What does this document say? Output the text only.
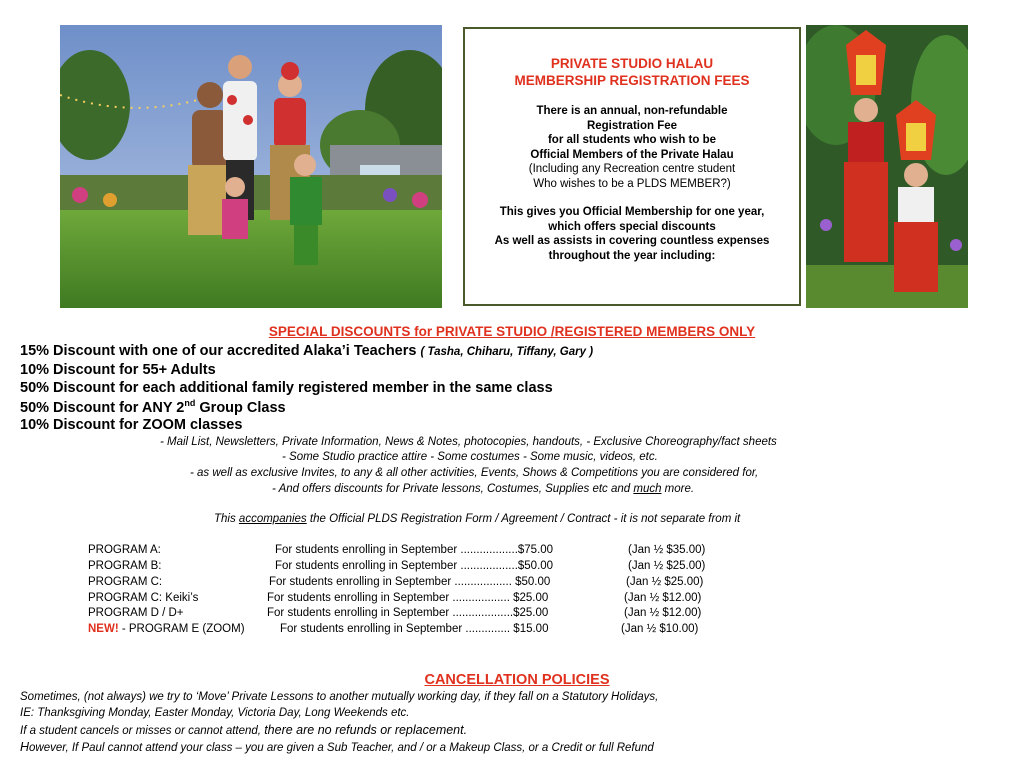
PRIVATE STUDIO HALAU
MEMBERSHIP REGISTRATION FEES
There is an annual, non-refundable
Registration Fee
for all students who wish to be
Official Members of the Private Halau
(Including any Recreation centre student
Who wishes to be a PLDS MEMBER?)
This gives you Official Membership for one year,
which offers special discounts
As well as assists in covering countless expenses
throughout the year including:
SPECIAL DISCOUNTS for PRIVATE STUDIO /REGISTERED MEMBERS ONLY
15% Discount with one of our accredited Alaka’i Teachers ( Tasha, Chiharu, Tiffany, Gary )
10% Discount for 55+ Adults
50% Discount for each additional family registered member in the same class
50% Discount for ANY 2nd Group Class
10% Discount for ZOOM classes
- Mail List, Newsletters, Private Information, News & Notes, photocopies, handouts, - Exclusive Choreography/fact sheets
- Some Studio practice attire - Some costumes - Some music, videos, etc.
- as well as exclusive Invites, to any & all other activities, Events, Shows & Competitions you are considered for,
- And offers discounts for Private lessons, Costumes, Supplies etc and much more.
This accompanies the Official PLDS Registration Form / Agreement / Contract - it is not separate from it
PROGRAM A:	For students enrolling in September ..................$75.00	(Jan ½ $35.00)
PROGRAM B:	For students enrolling in September ..................$50.00	(Jan ½ $25.00)
PROGRAM C:	For students enrolling in September .................. $50.00	(Jan ½ $25.00)
PROGRAM C: Keiki’s	For students enrolling in September .................. $25.00	(Jan ½ $12.00)
PROGRAM D / D+	For students enrolling in September ...................$25.00	(Jan ½ $12.00)
NEW! - PROGRAM E (ZOOM)	For students enrolling in September .............. $15.00	(Jan ½ $10.00)
CANCELLATION POLICIES
Sometimes, (not always) we try to ‘Move’ Private Lessons to another mutually working day, if they fall on a Statutory Holidays,
IE: Thanksgiving Monday, Easter Monday, Victoria Day, Long Weekends etc.
If a student cancels or misses or cannot attend, there are no refunds or replacement.
However, If Paul cannot attend your class – you are given a Sub Teacher, and / or a Makeup Class, or a Credit or full Refund
